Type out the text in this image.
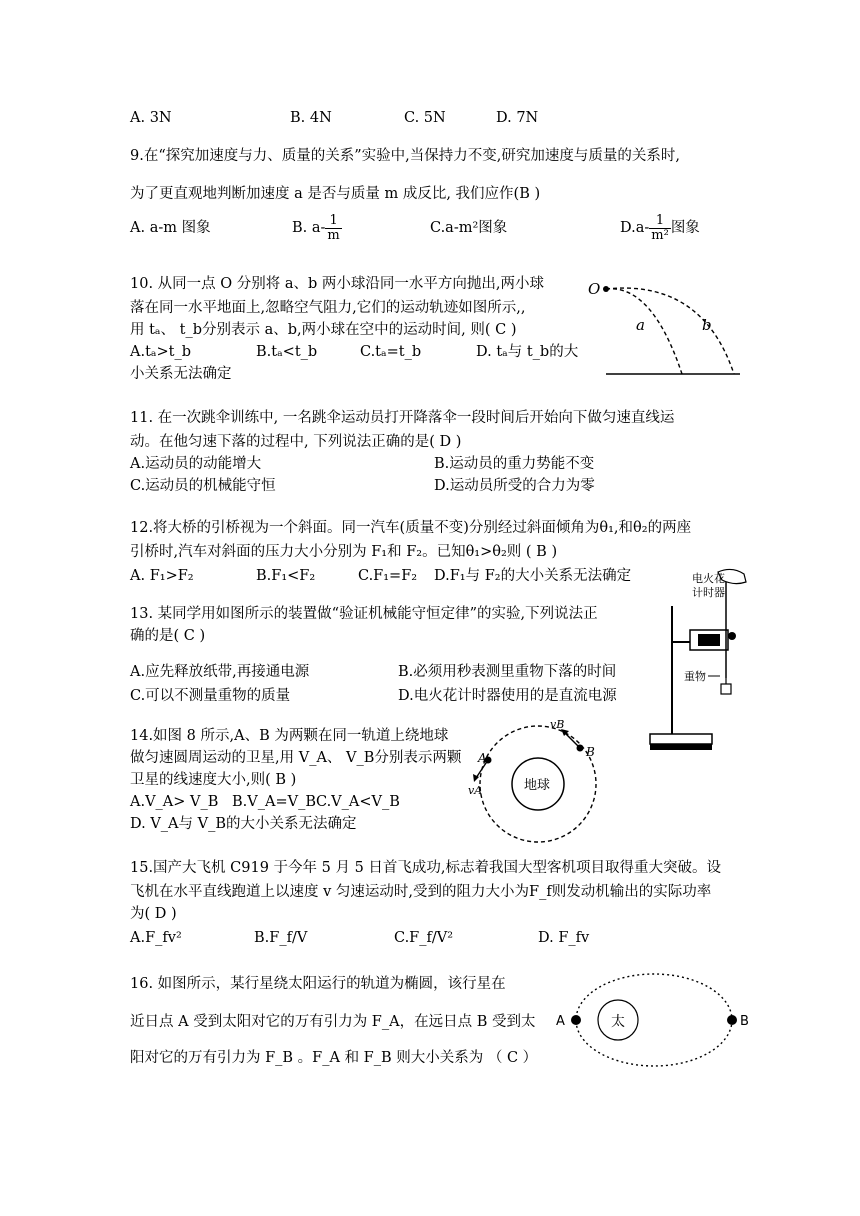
A. 3N	B. 4N	C. 5N	D. 7N
9.在“探究加速度与力、质量的关系”实验中,当保持力不变,研究加速度与质量的关系时,
为了更直观地判断加速度 a 是否与质量 m 成反比, 我们应作(B )
A. a-m 图象	B. $a- \frac{1}{m}$	C.a-m²图象	$D.a- \frac{1}{\text{m²}}$ 图象
10. 从同一点 O 分别将 a、b 两小球沿同一水平方向抛出,两小球
落在同一水平地面上,忽略空气阻力,它们的运动轨迹如图所示,,
用 tₐ、 t_b分别表示 a、b,两小球在空中的运动时间, 则( C )
A.tₐ>t_b	B.tₐ<t_b	C.tₐ=t_b	D. tₐ与 t_b的大
小关系无法确定
O
a	b
11. 在一次跳伞训练中, 一名跳伞运动员打开降落伞一段时间后开始向下做匀速直线运
动。在他匀速下落的过程中, 下列说法正确的是( D )
A.运动员的动能增大	B.运动员的重力势能不变
C.运动员的机械能守恒	D.运动员所受的合力为零
12.将大桥的引桥视为一个斜面。同一汽车(质量不变)分别经过斜面倾角为θ₁,和θ₂的两座
引桥时,汽车对斜面的压力大小分别为 F₁和 F₂。已知θ₁>θ₂则 ( B )
A. F₁>F₂	B.F₁<F₂	C.F₁=F₂ D.F₁与 F₂的大小关系无法确定
13. 某同学用如图所示的装置做“验证机械能守恒定律”的实验,下列说法正
确的是( C )
A.应先释放纸带,再接通电源	B.必须用秒表测里重物下落的时间
C.可以不测量重物的质量	D.电火花计时器使用的是直流电源
电火花
计时器
重物
14.如图 8 所示,A、B 为两颗在同一轨道上绕地球
做匀速圆周运动的卫星,用 V_A、 V_B分别表示两颗
卫星的线速度大小,则( B )
A.V_A> V_B B.V_A=V_B C.V_A<V_B
D. V_A与 V_B的大小关系无法确定
地球
A	B
vA
vB
15.国产大飞机 C919 于今年 5 月 5 日首飞成功,标志着我国大型客机项目取得重大突破。设
飞机在水平直线跑道上以速度 v 匀速运动时,受到的阻力大小为F_f则发动机输出的实际功率
为( D )
A.F_fv²	B.F_f/V	C.F_f/V²	D. F_fv
16. 如图所示，某行星绕太阳运行的轨道为椭圆，该行星在
近日点 A 受到太阳对它的万有引力为 F_A，在远日点 B 受到太
阳对它的万有引力为 F_B 。F_A 和 F_B 则大小关系为 （ C ）
太
A	B
